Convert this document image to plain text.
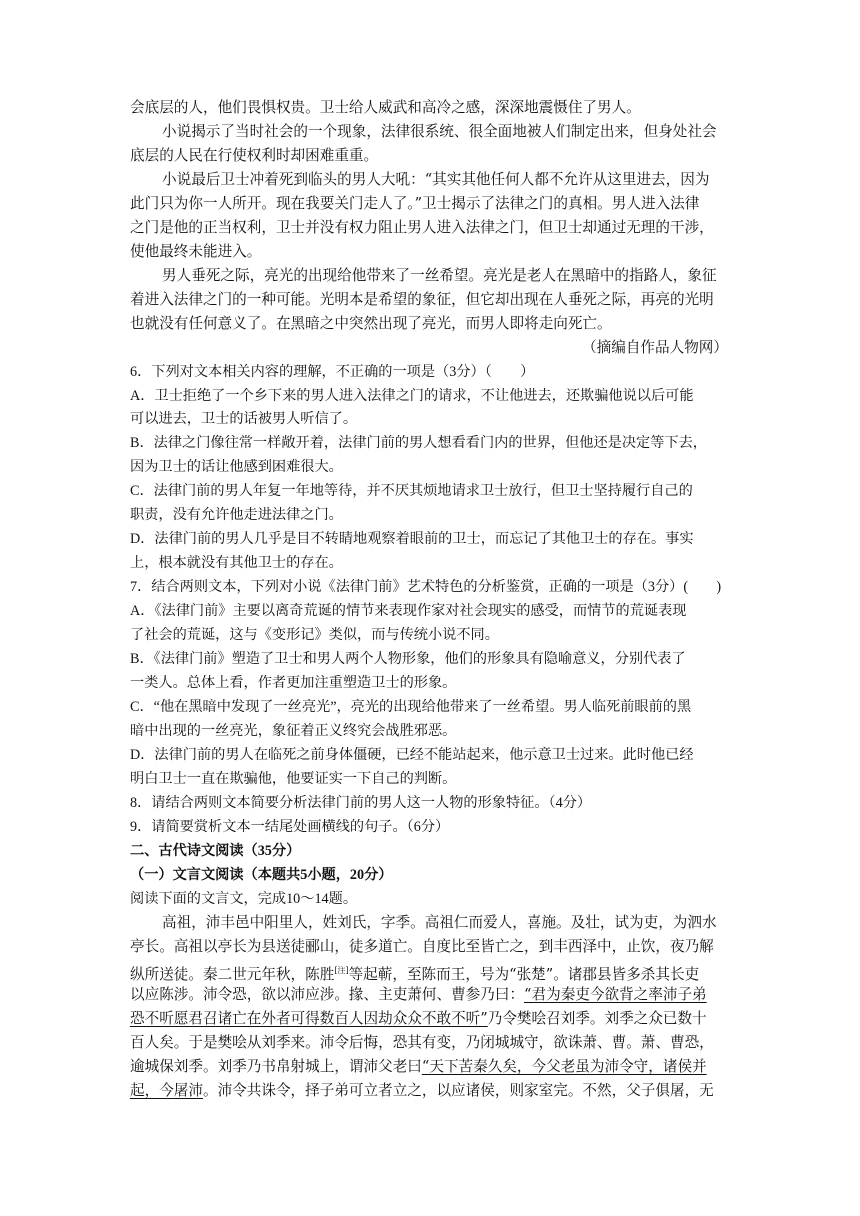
会底层的人，他们畏惧权贵。卫士给人威武和高冷之感，深深地震慑住了男人。
小说揭示了当时社会的一个现象，法律很系统、很全面地被人们制定出来，但身处社会
底层的人民在行使权利时却困难重重。
小说最后卫士冲着死到临头的男人大吼：“其实其他任何人都不允许从这里进去，因为
此门只为你一人所开。现在我要关门走人了。”卫士揭示了法律之门的真相。男人进入法律
之门是他的正当权利，卫士并没有权力阻止男人进入法律之门，但卫士却通过无理的干涉，
使他最终未能进入。
男人垂死之际，亮光的出现给他带来了一丝希望。亮光是老人在黑暗中的指路人，象征
着进入法律之门的一种可能。光明本是希望的象征，但它却出现在人垂死之际，再亮的光明
也就没有任何意义了。在黑暗之中突然出现了亮光，而男人即将走向死亡。
（摘编自作品人物网）
6．下列对文本相关内容的理解，不正确的一项是（3分）（　　）
A．卫士拒绝了一个乡下来的男人进入法律之门的请求，不让他进去，还欺骗他说以后可能
可以进去，卫士的话被男人听信了。
B．法律之门像往常一样敞开着，法律门前的男人想看看门内的世界，但他还是决定等下去，
因为卫士的话让他感到困难很大。
C．法律门前的男人年复一年地等待，并不厌其烦地请求卫士放行，但卫士坚持履行自己的
职责，没有允许他走进法律之门。
D．法律门前的男人几乎是目不转睛地观察着眼前的卫士，而忘记了其他卫士的存在。事实
上，根本就没有其他卫士的存在。
7．结合两则文本，下列对小说《法律门前》艺术特色的分析鉴赏，正确的一项是（3分）(　　)
A．《法律门前》主要以离奇荒诞的情节来表现作家对社会现实的感受，而情节的荒诞表现
了社会的荒诞，这与《变形记》类似，而与传统小说不同。
B．《法律门前》塑造了卫士和男人两个人物形象，他们的形象具有隐喻意义，分别代表了
一类人。总体上看，作者更加注重塑造卫士的形象。
C．“他在黑暗中发现了一丝亮光”，亮光的出现给他带来了一丝希望。男人临死前眼前的黑
暗中出现的一丝亮光，象征着正义终究会战胜邪恶。
D．法律门前的男人在临死之前身体僵硬，已经不能站起来，他示意卫士过来。此时他已经
明白卫士一直在欺骗他，他要证实一下自己的判断。
8．请结合两则文本简要分析法律门前的男人这一人物的形象特征。（4分）
9．请简要赏析文本一结尾处画横线的句子。（6分）
二、古代诗文阅读（35分）
（一）文言文阅读（本题共5小题，20分）
阅读下面的文言文，完成10～14题。
高祖，沛丰邑中阳里人，姓刘氏，字季。高祖仁而爱人，喜施。及壮，试为吏，为泗水
亭长。高祖以亭长为县送徒郦山，徒多道亡。自度比至皆亡之，到丰西泽中，止饮，夜乃解
纵所送徒。秦二世元年秋，陈胜[注]等起蕲，至陈而王，号为“张楚”。诸郡县皆多杀其长吏
以应陈涉。沛令恐，欲以沛应涉。掾、主吏萧何、曹参乃曰：“君为秦吏今欲背之率沛子弟
恐不听愿君召诸亡在外者可得数百人因劫众众不敢不听”乃令樊哙召刘季。刘季之众已数十
百人矣。于是樊哙从刘季来。沛令后悔，恐其有变，乃闭城城守，欲诛萧、曹。萧、曹恐，
逾城保刘季。刘季乃书帛射城上，谓沛父老曰“天下苦秦久矣，今父老虽为沛令守，诸侯并
起，今屠沛。沛令共诛令，择子弟可立者立之，以应诸侯，则家室完。不然，父子俱屠，无
